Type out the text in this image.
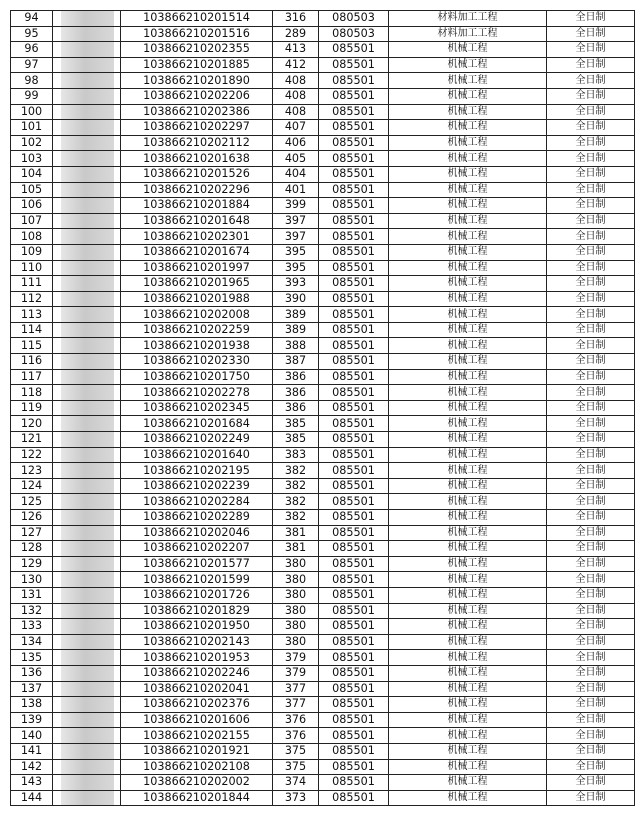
94		103866210201514	316	080503	材料加工工程	全日制
95		103866210201516	289	080503	材料加工工程	全日制
96		103866210202355	413	085501	机械工程	全日制
97		103866210201885	412	085501	机械工程	全日制
98		103866210201890	408	085501	机械工程	全日制
99		103866210202206	408	085501	机械工程	全日制
100		103866210202386	408	085501	机械工程	全日制
101		103866210202297	407	085501	机械工程	全日制
102		103866210202112	406	085501	机械工程	全日制
103		103866210201638	405	085501	机械工程	全日制
104		103866210201526	404	085501	机械工程	全日制
105		103866210202296	401	085501	机械工程	全日制
106		103866210201884	399	085501	机械工程	全日制
107		103866210201648	397	085501	机械工程	全日制
108		103866210202301	397	085501	机械工程	全日制
109		103866210201674	395	085501	机械工程	全日制
110		103866210201997	395	085501	机械工程	全日制
111		103866210201965	393	085501	机械工程	全日制
112		103866210201988	390	085501	机械工程	全日制
113		103866210202008	389	085501	机械工程	全日制
114		103866210202259	389	085501	机械工程	全日制
115		103866210201938	388	085501	机械工程	全日制
116		103866210202330	387	085501	机械工程	全日制
117		103866210201750	386	085501	机械工程	全日制
118		103866210202278	386	085501	机械工程	全日制
119		103866210202345	386	085501	机械工程	全日制
120		103866210201684	385	085501	机械工程	全日制
121		103866210202249	385	085501	机械工程	全日制
122		103866210201640	383	085501	机械工程	全日制
123		103866210202195	382	085501	机械工程	全日制
124		103866210202239	382	085501	机械工程	全日制
125		103866210202284	382	085501	机械工程	全日制
126		103866210202289	382	085501	机械工程	全日制
127		103866210202046	381	085501	机械工程	全日制
128		103866210202207	381	085501	机械工程	全日制
129		103866210201577	380	085501	机械工程	全日制
130		103866210201599	380	085501	机械工程	全日制
131		103866210201726	380	085501	机械工程	全日制
132		103866210201829	380	085501	机械工程	全日制
133		103866210201950	380	085501	机械工程	全日制
134		103866210202143	380	085501	机械工程	全日制
135		103866210201953	379	085501	机械工程	全日制
136		103866210202246	379	085501	机械工程	全日制
137		103866210202041	377	085501	机械工程	全日制
138		103866210202376	377	085501	机械工程	全日制
139		103866210201606	376	085501	机械工程	全日制
140		103866210202155	376	085501	机械工程	全日制
141		103866210201921	375	085501	机械工程	全日制
142		103866210202108	375	085501	机械工程	全日制
143		103866210202002	374	085501	机械工程	全日制
144		103866210201844	373	085501	机械工程	全日制
